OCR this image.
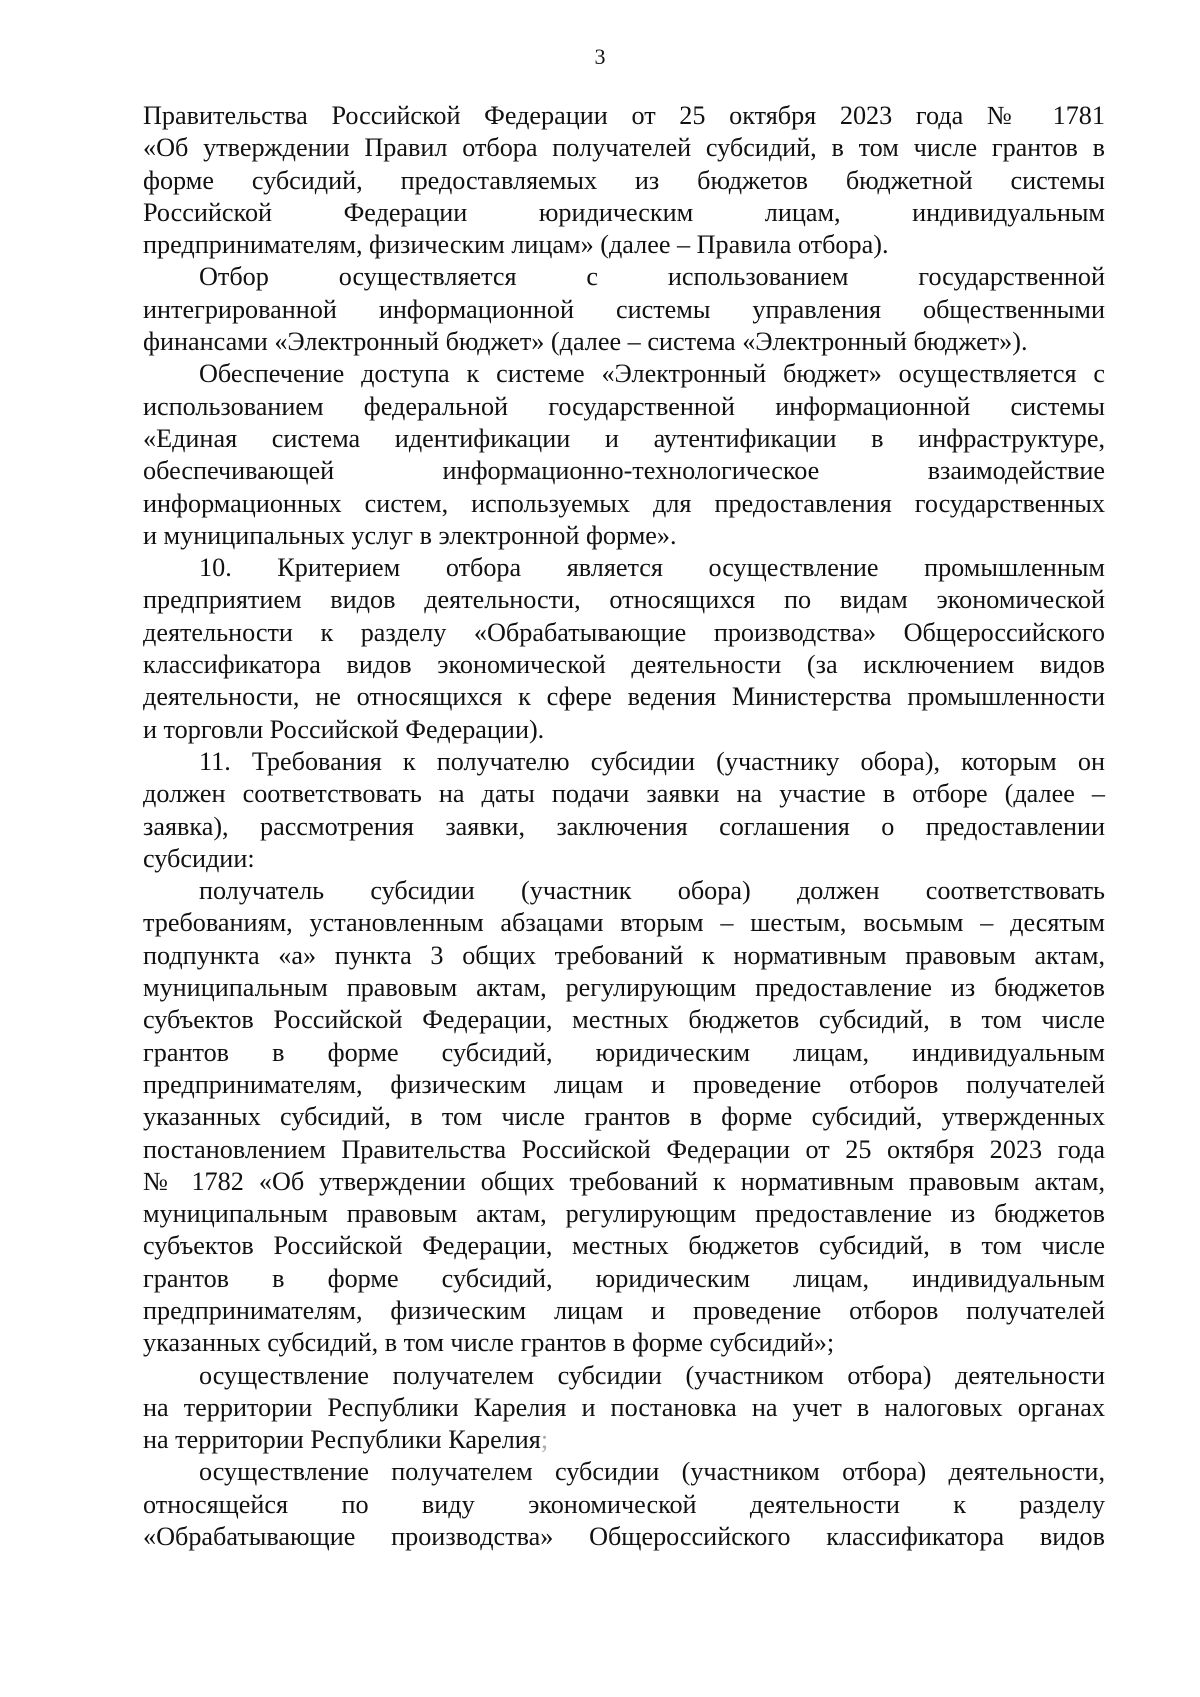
3
Правительства Российской Федерации от 25 октября 2023 года № 1781
«Об утверждении Правил отбора получателей субсидий, в том числе грантов в
форме субсидий, предоставляемых из бюджетов бюджетной системы
Российской Федерации юридическим лицам, индивидуальным
предпринимателям, физическим лицам» (далее – Правила отбора).
Отбор осуществляется с использованием государственной
интегрированной информационной системы управления общественными
финансами «Электронный бюджет» (далее – система «Электронный бюджет»).
Обеспечение доступа к системе «Электронный бюджет» осуществляется с
использованием федеральной государственной информационной системы
«Единая система идентификации и аутентификации в инфраструктуре,
обеспечивающей информационно-технологическое взаимодействие
информационных систем, используемых для предоставления государственных
и муниципальных услуг в электронной форме».
10. Критерием отбора является осуществление промышленным
предприятием видов деятельности, относящихся по видам экономической
деятельности к разделу «Обрабатывающие производства» Общероссийского
классификатора видов экономической деятельности (за исключением видов
деятельности, не относящихся к сфере ведения Министерства промышленности
и торговли Российской Федерации).
11. Требования к получателю субсидии (участнику обора), которым он
должен соответствовать на даты подачи заявки на участие в отборе (далее –
заявка), рассмотрения заявки, заключения соглашения о предоставлении
субсидии:
получатель субсидии (участник обора) должен соответствовать
требованиям, установленным абзацами вторым – шестым, восьмым – десятым
подпункта «а» пункта 3 общих требований к нормативным правовым актам,
муниципальным правовым актам, регулирующим предоставление из бюджетов
субъектов Российской Федерации, местных бюджетов субсидий, в том числе
грантов в форме субсидий, юридическим лицам, индивидуальным
предпринимателям, физическим лицам и проведение отборов получателей
указанных субсидий, в том числе грантов в форме субсидий, утвержденных
постановлением Правительства Российской Федерации от 25 октября 2023 года
№ 1782 «Об утверждении общих требований к нормативным правовым актам,
муниципальным правовым актам, регулирующим предоставление из бюджетов
субъектов Российской Федерации, местных бюджетов субсидий, в том числе
грантов в форме субсидий, юридическим лицам, индивидуальным
предпринимателям, физическим лицам и проведение отборов получателей
указанных субсидий, в том числе грантов в форме субсидий»;
осуществление получателем субсидии (участником отбора) деятельности
на территории Республики Карелия и постановка на учет в налоговых органах
на территории Республики Карелия;
осуществление получателем субсидии (участником отбора) деятельности,
относящейся по виду экономической деятельности к разделу
«Обрабатывающие производства» Общероссийского классификатора видов
